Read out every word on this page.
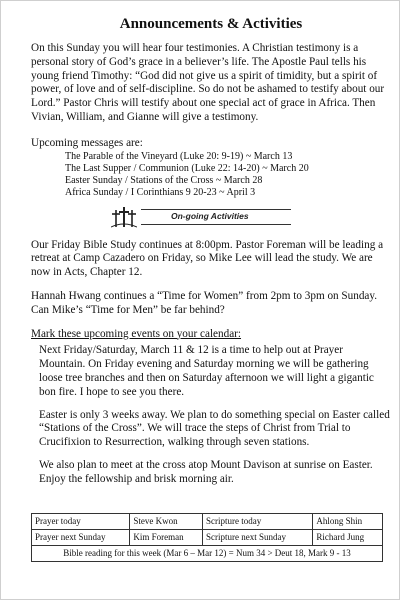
Announcements & Activities

On this Sunday you will hear four testimonies. A Christian testimony is a personal story of God’s grace in a believer’s life. The Apostle Paul tells his young friend Timothy: “God did not give us a spirit of timidity, but a spirit of power, of love and of self-discipline. So do not be ashamed to testify about our Lord.” Pastor Chris will testify about one special act of grace in Africa. Then Vivian, William, and Gianne will give a testimony.

Upcoming messages are:

The Parable of the Vineyard (Luke 20: 9-19) ~ March 13
The Last Supper / Communion (Luke 22: 14-20) ~ March 20
Easter Sunday / Stations of the Cross ~ March 28
Africa Sunday / I Corinthians 9 20-23 ~ April 3
On-going Activities

Our Friday Bible Study continues at 8:00pm. Pastor Foreman will be leading a retreat at Camp Cazadero on Friday, so Mike Lee will lead the study. We are now in Acts, Chapter 12.

Hannah Hwang continues a “Time for Women” from 2pm to 3pm on Sunday. Can Mike’s “Time for Men” be far behind?

Mark these upcoming events on your calendar:

Next Friday/Saturday, March 11 & 12 is a time to help out at Prayer Mountain. On Friday evening and Saturday morning we will be gathering loose tree branches and then on Saturday afternoon we will light a gigantic bon fire. I hope to see you there.

Easter is only 3 weeks away. We plan to do something special on Easter called “Stations of the Cross”. We will trace the steps of Christ from Trial to Crucifixion to Resurrection, walking through seven stations.

We also plan to meet at the cross atop Mount Davison at sunrise on Easter. Enjoy the fellowship and brisk morning air.

Prayer today	Steve Kwon	Scripture today	Ahlong Shin
Prayer next Sunday	Kim Foreman	Scripture next Sunday	Richard Jung
Bible reading for this week (Mar 6 – Mar 12) = Num 34 > Deut 18, Mark 9 - 13			
